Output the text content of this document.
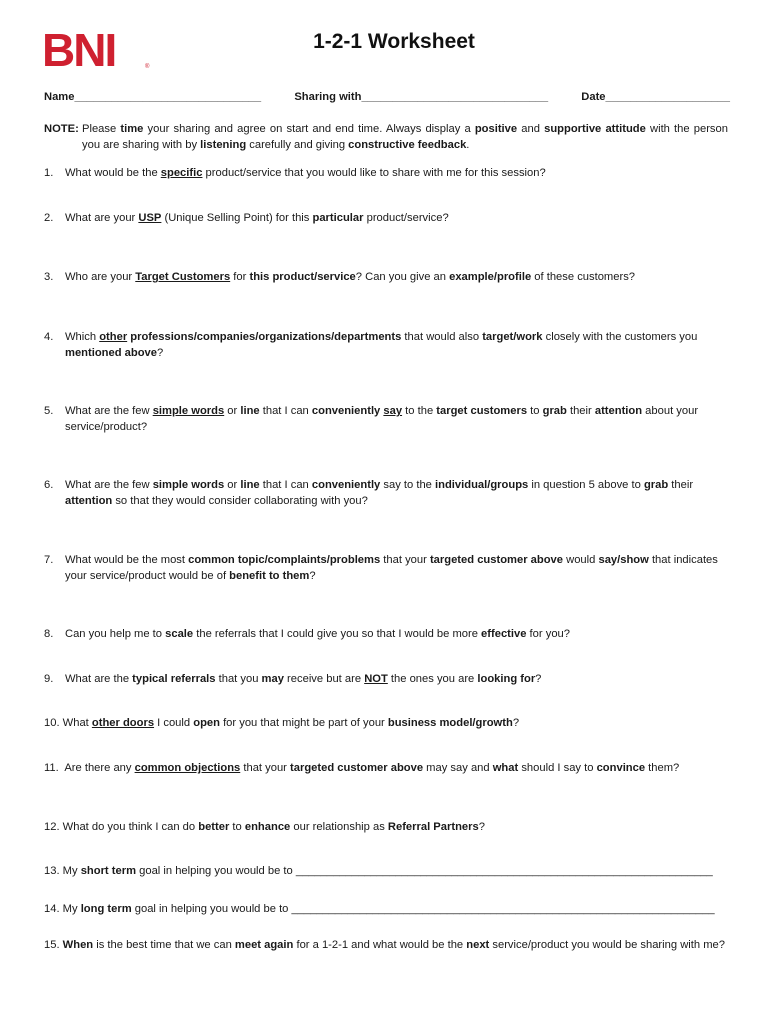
BNI	®
1-2-1 Worksheet
Name______________________________	Sharing with______________________________	Date____________________
NOTE: Please time your sharing and agree on start and end time. Always display a positive and supportive attitude with the person you are sharing with by listening carefully and giving constructive feedback.
1.	What would be the specific product/service that you would like to share with me for this session?
2.	What are your USP (Unique Selling Point) for this particular product/service?
3.	Who are your Target Customers for this product/service? Can you give an example/profile of these customers?
4.	Which other professions/companies/organizations/departments that would also target/work closely with the customers you mentioned above?
5.	What are the few simple words or line that I can conveniently say to the target customers to grab their attention about your service/product?
6.	What are the few simple words or line that I can conveniently say to the individual/groups in question 5 above to grab their attention so that they would consider collaborating with you?
7.	What would be the most common topic/complaints/problems that your targeted customer above would say/show that indicates your service/product would be of benefit to them?
8.	Can you help me to scale the referrals that I could give you so that I would be more effective for you?
9.	What are the typical referrals that you may receive but are NOT the ones you are looking for?
10. What other doors I could open for you that might be part of your business model/growth?
11.  Are there any common objections that your targeted customer above may say and what should I say to convince them?
12. What do you think I can do better to enhance our relationship as Referral Partners?
13. My short term goal in helping you would be to ___________________________________________________________________
14. My long term goal in helping you would be to ____________________________________________________________________
15. When is the best time that we can meet again for a 1-2-1 and what would be the next service/product you would be sharing with me?
